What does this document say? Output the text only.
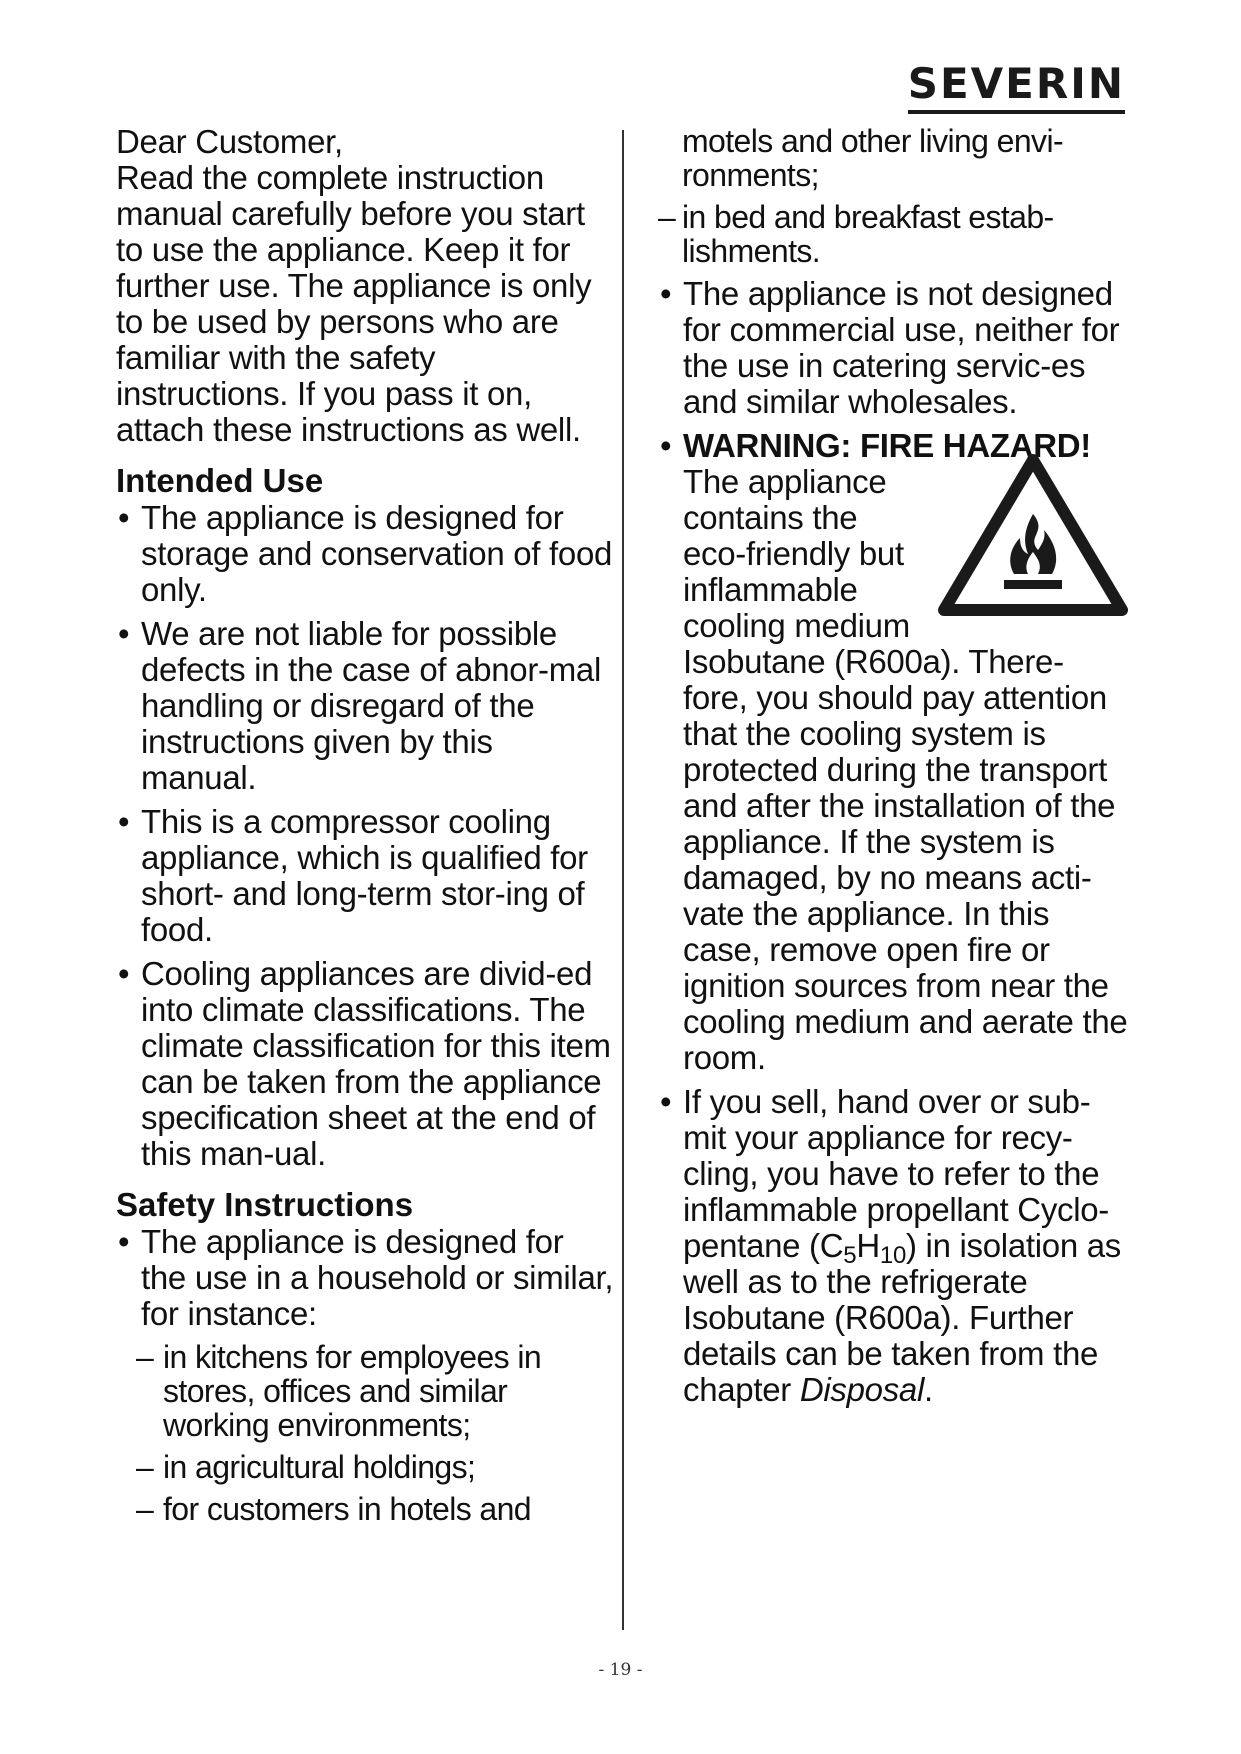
SEVERIN

Dear Customer,

Read the complete instruction manual carefully before you start to use the appliance. Keep it for further use. The appliance is only to be used by persons who are familiar with the safety instructions. If you pass it on, attach these instructions as well.

Intended Use
• The appliance is designed for storage and conservation of food only.
• We are not liable for possible defects in the case of abnor-mal handling or disregard of the instructions given by this manual.
• This is a compressor cooling appliance, which is qualified for short- and long-term stor-ing of food.
• Cooling appliances are divid-ed into climate classifications. The climate classification for this item can be taken from the appliance specification sheet at the end of this man-ual.
Safety Instructions
• The appliance is designed for the use in a household or similar, for instance:
– in kitchens for employees in stores, offices and similar working environments;
– in agricultural holdings;
– for customers in hotels and
motels and other living envi-ronments;
– in bed and breakfast estab-lishments.
• The appliance is not designed for commercial use, neither for the use in catering servic-es and similar wholesales.
• WARNING: FIRE HAZARD!
The appliance
contains the
eco-friendly but
inflammable
cooling medium
Isobutane (R600a). There-fore, you should pay attention that the cooling system is protected during the transport and after the installation of the appliance. If the system is damaged, by no means acti-vate the appliance. In this case, remove open fire or ignition sources from near the cooling medium and aerate the room.
• If you sell, hand over or sub-mit your appliance for recy-cling, you have to refer to the inflammable propellant Cyclo-pentane $(C_5H_{10})$ in isolation as well as to the refrigerate Isobutane (R600a). Further details can be taken from the chapter Disposal.
- 19 -
